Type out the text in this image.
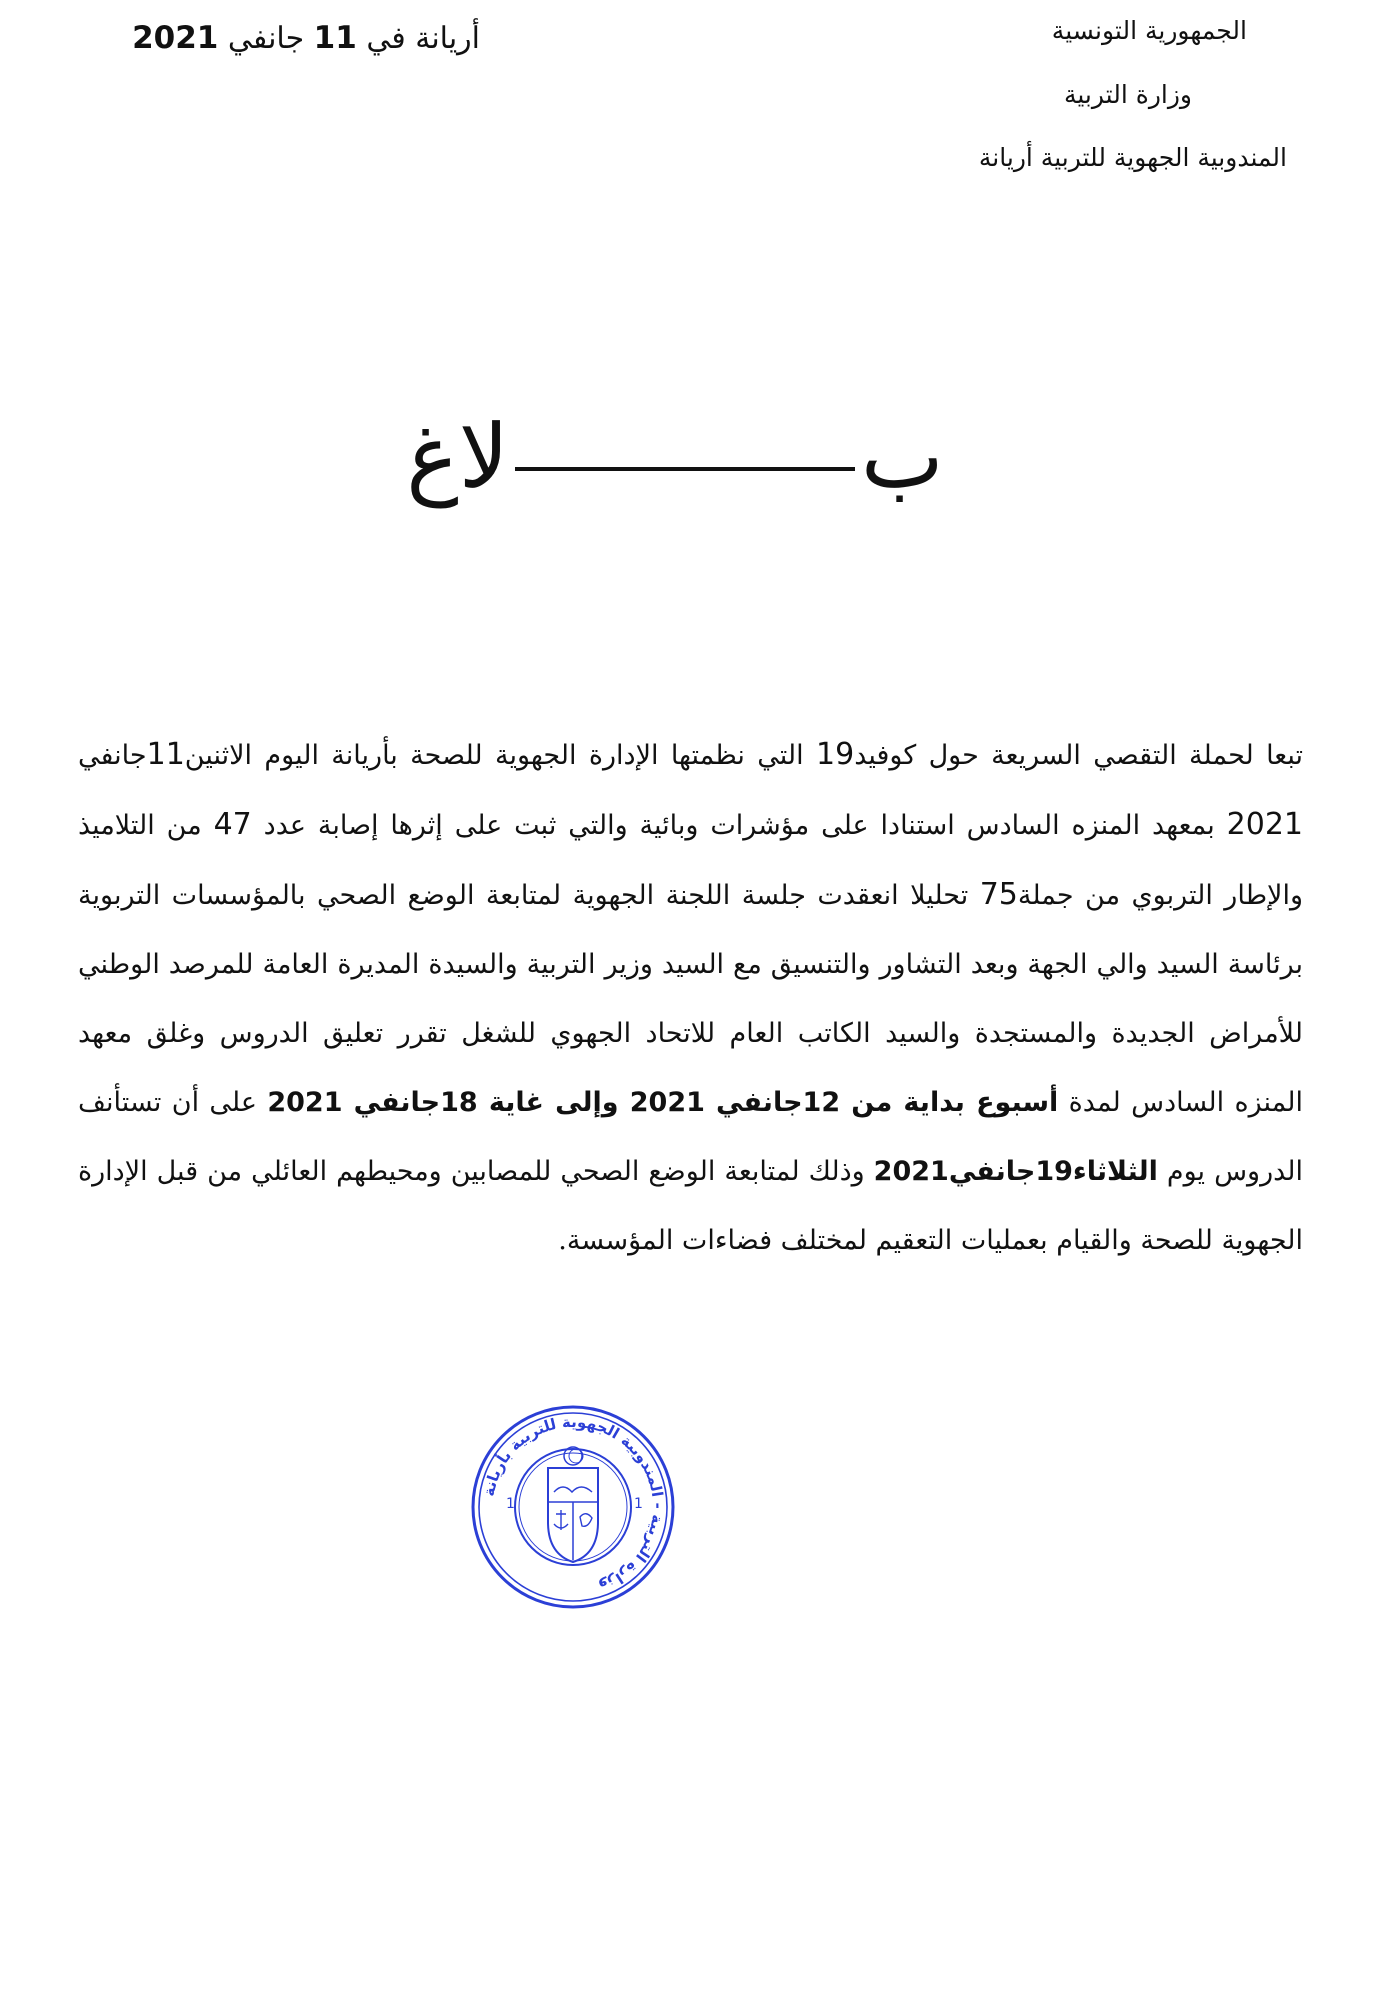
الجمهورية التونسية
وزارة التربية
المندوبية الجهوية للتربية أريانة
أريانة في 11 جانفي 2021
بلاغ
تبعا لحملة التقصي السريعة حول كوفيد19 التي نظمتها الإدارة الجهوية للصحة بأريانة اليوم الاثنين11جانفي 2021 بمعهد المنزه السادس استنادا على مؤشرات وبائية والتي ثبت على إثرها إصابة عدد 47 من التلاميذ والإطار التربوي من جملة75 تحليلا انعقدت جلسة اللجنة الجهوية لمتابعة الوضع الصحي بالمؤسسات التربوية برئاسة السيد والي الجهة وبعد التشاور والتنسيق مع السيد وزير التربية والسيدة المديرة العامة للمرصد الوطني للأمراض الجديدة والمستجدة والسيد الكاتب العام للاتحاد الجهوي للشغل تقرر تعليق الدروس وغلق معهد المنزه السادس لمدة أسبوع بداية من 12جانفي 2021 وإلى غاية 18جانفي 2021 على أن تستأنف الدروس يوم الثلاثاء19جانفي2021 وذلك لمتابعة الوضع الصحي للمصابين ومحيطهم العائلي من قبل الإدارة الجهوية للصحة والقيام بعمليات التعقيم لمختلف فضاءات المؤسسة.
وزارة التربية - المندوبية الجهوية للتربية بأريانة
1	1
